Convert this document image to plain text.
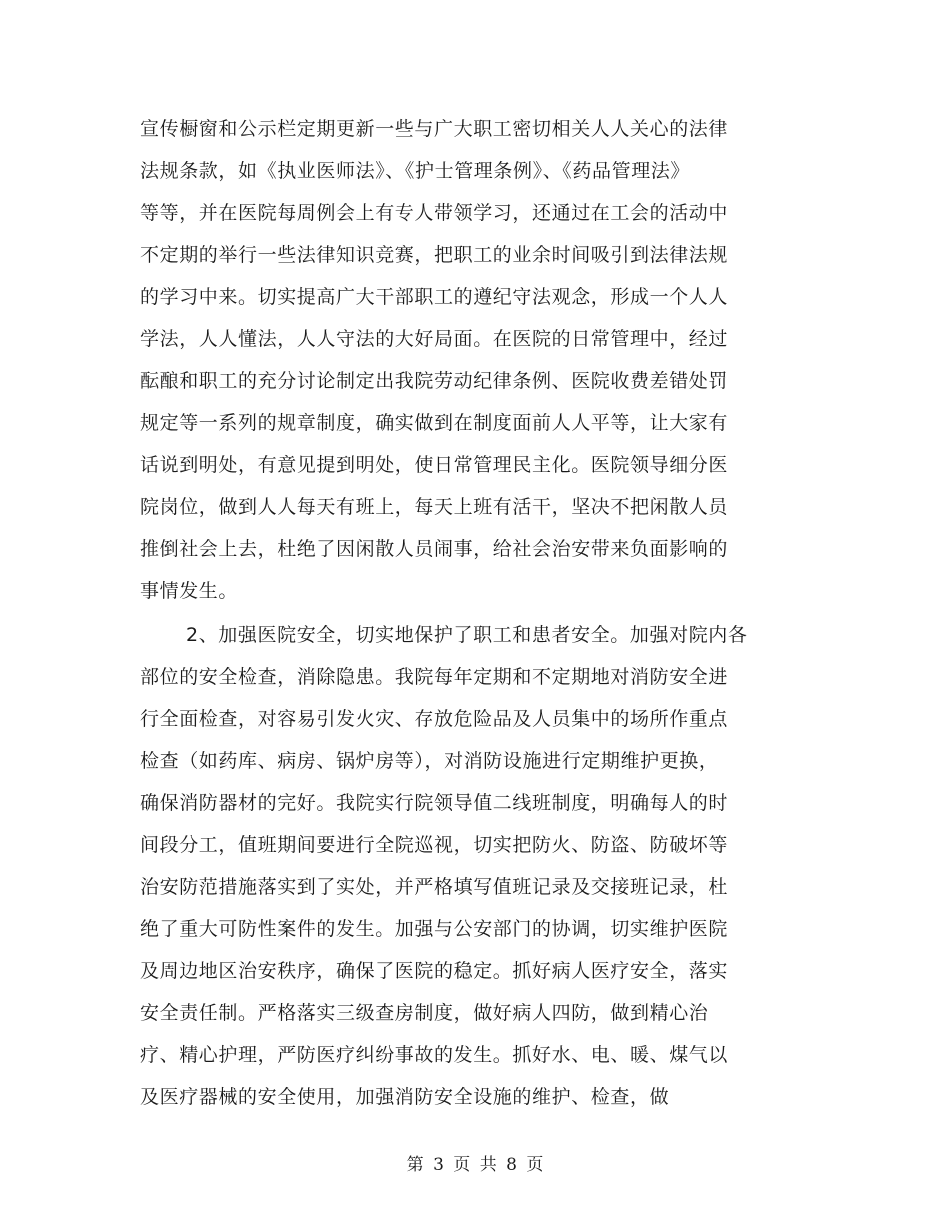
宣传橱窗和公示栏定期更新一些与广大职工密切相关人人关心的法律
法规条款，如《执业医师法》、《护士管理条例》、《药品管理法》
等等，并在医院每周例会上有专人带领学习，还通过在工会的活动中
不定期的举行一些法律知识竞赛，把职工的业余时间吸引到法律法规
的学习中来。切实提高广大干部职工的遵纪守法观念，形成一个人人
学法，人人懂法，人人守法的大好局面。在医院的日常管理中，经过
酝酿和职工的充分讨论制定出我院劳动纪律条例、医院收费差错处罚
规定等一系列的规章制度，确实做到在制度面前人人平等，让大家有
话说到明处，有意见提到明处，使日常管理民主化。医院领导细分医
院岗位，做到人人每天有班上，每天上班有活干，坚决不把闲散人员
推倒社会上去，杜绝了因闲散人员闹事，给社会治安带来负面影响的
事情发生。
2、加强医院安全，切实地保护了职工和患者安全。加强对院内各
部位的安全检查，消除隐患。我院每年定期和不定期地对消防安全进
行全面检查，对容易引发火灾、存放危险品及人员集中的场所作重点
检查（如药库、病房、锅炉房等），对消防设施进行定期维护更换，
确保消防器材的完好。我院实行院领导值二线班制度，明确每人的时
间段分工，值班期间要进行全院巡视，切实把防火、防盗、防破坏等
治安防范措施落实到了实处，并严格填写值班记录及交接班记录，杜
绝了重大可防性案件的发生。加强与公安部门的协调，切实维护医院
及周边地区治安秩序，确保了医院的稳定。抓好病人医疗安全，落实
安全责任制。严格落实三级查房制度，做好病人四防，做到精心治
疗、精心护理，严防医疗纠纷事故的发生。抓好水、电、暖、煤气以
及医疗器械的安全使用，加强消防安全设施的维护、检查，做
第 3 页 共 8 页
